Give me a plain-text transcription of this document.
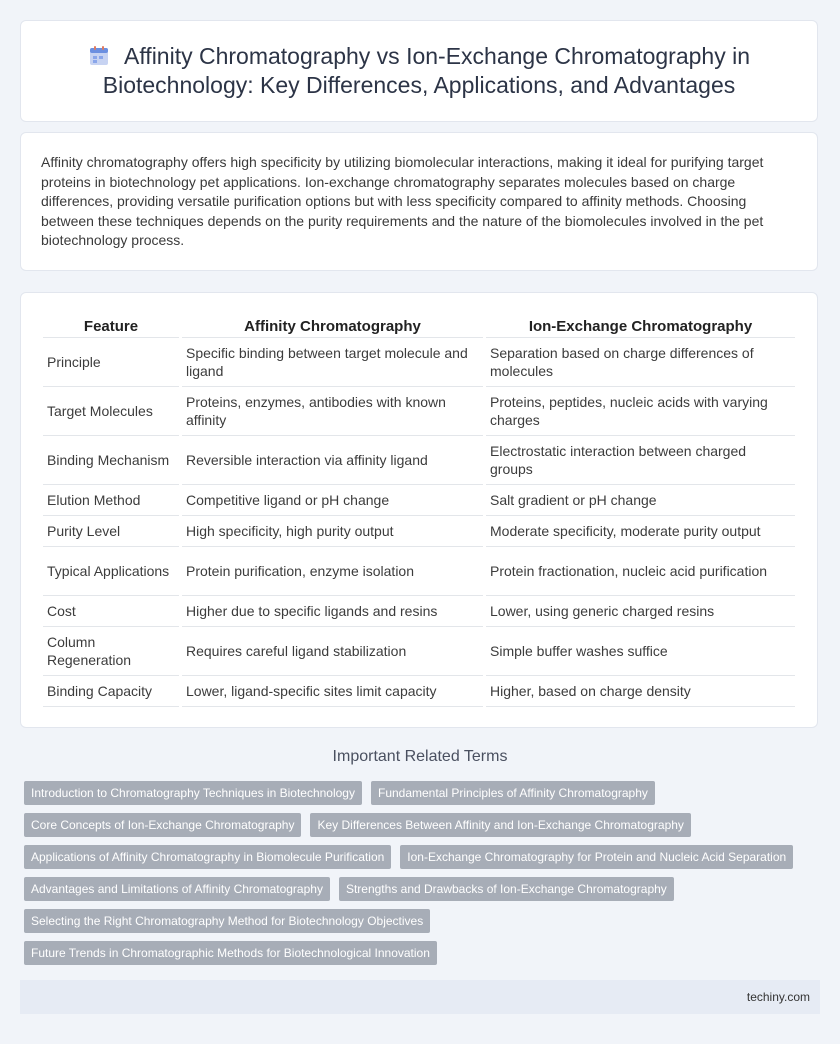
Affinity Chromatography vs Ion-Exchange Chromatography in Biotechnology: Key Differences, Applications, and Advantages

Affinity chromatography offers high specificity by utilizing biomolecular interactions, making it ideal for purifying target proteins in biotechnology pet applications. Ion-exchange chromatography separates molecules based on charge differences, providing versatile purification options but with less specificity compared to affinity methods. Choosing between these techniques depends on the purity requirements and the nature of the biomolecules involved in the pet biotechnology process.

Feature	Affinity Chromatography	Ion-Exchange Chromatography
Principle	Specific binding between target molecule and ligand	Separation based on charge differences of molecules
Target Molecules	Proteins, enzymes, antibodies with known affinity	Proteins, peptides, nucleic acids with varying charges
Binding Mechanism	Reversible interaction via affinity ligand	Electrostatic interaction between charged groups
Elution Method	Competitive ligand or pH change	Salt gradient or pH change
Purity Level	High specificity, high purity output	Moderate specificity, moderate purity output
Typical Applications	Protein purification, enzyme isolation	Protein fractionation, nucleic acid purification
Cost	Higher due to specific ligands and resins	Lower, using generic charged resins
Column Regeneration	Requires careful ligand stabilization	Simple buffer washes suffice
Binding Capacity	Lower, ligand-specific sites limit capacity	Higher, based on charge density
Important Related Terms
Introduction to Chromatography Techniques in Biotechnology Fundamental Principles of Affinity Chromatography
Core Concepts of Ion-Exchange Chromatography Key Differences Between Affinity and Ion-Exchange Chromatography
Applications of Affinity Chromatography in Biomolecule Purification Ion-Exchange Chromatography for Protein and Nucleic Acid Separation
Advantages and Limitations of Affinity Chromatography Strengths and Drawbacks of Ion-Exchange Chromatography
Selecting the Right Chromatography Method for Biotechnology Objectives
Future Trends in Chromatographic Methods for Biotechnological Innovation
techiny.com
